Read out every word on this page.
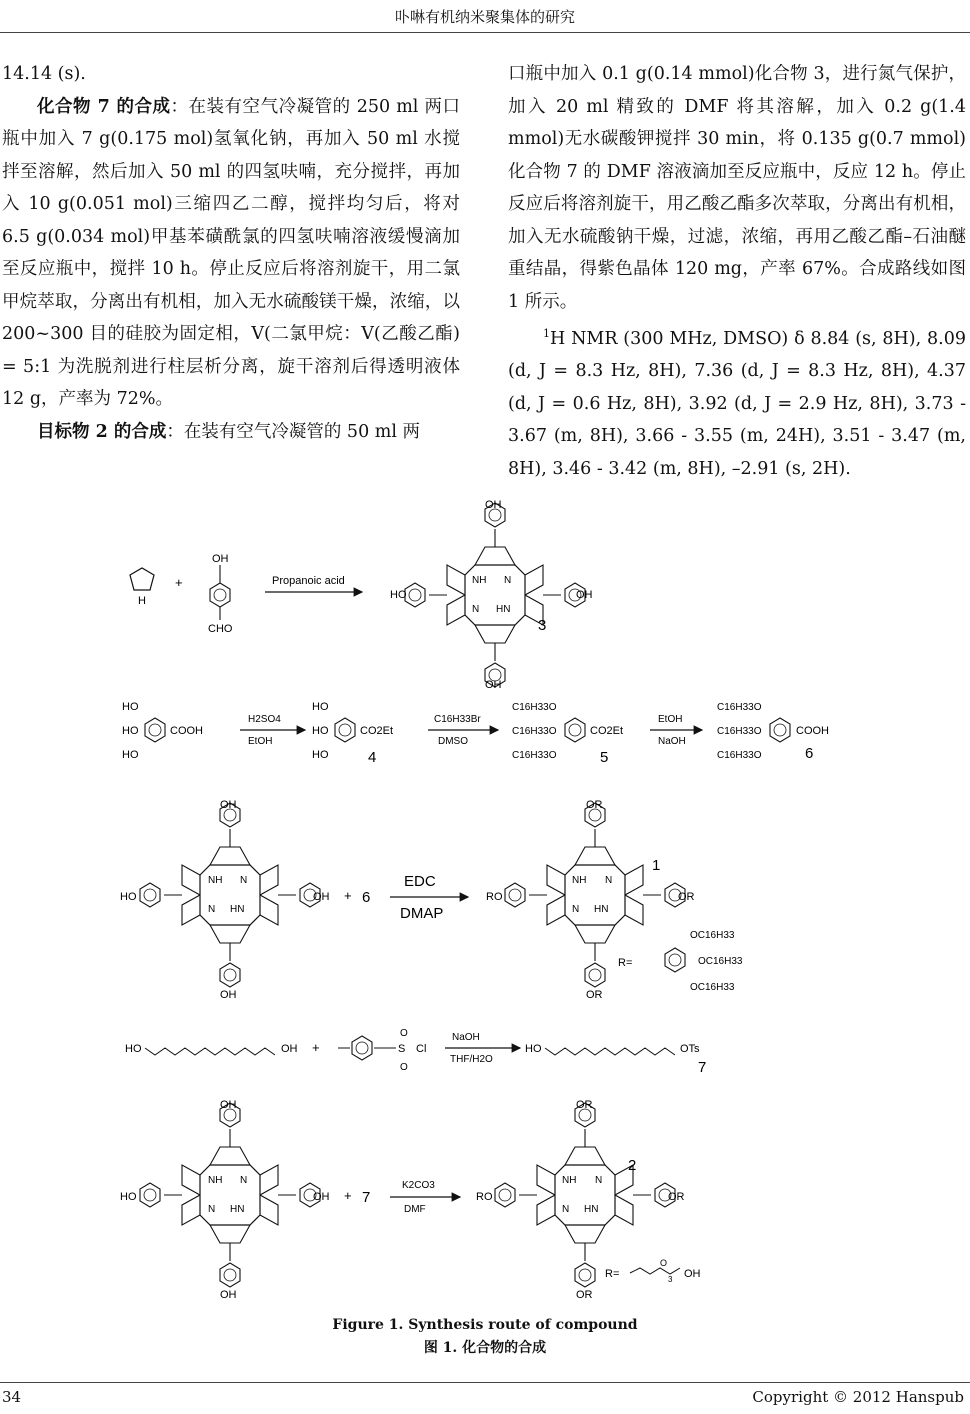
卟啉有机纳米聚集体的研究

14.14 (s).

化合物 7 的合成：在装有空气冷凝管的 250 ml 两口瓶中加入 7 g(0.175 mol)氢氧化钠，再加入 50 ml 水搅拌至溶解，然后加入 50 ml 的四氢呋喃，充分搅拌，再加入 10 g(0.051 mol)三缩四乙二醇，搅拌均匀后，将对 6.5 g(0.034 mol)甲基苯磺酰氯的四氢呋喃溶液缓慢滴加至反应瓶中，搅拌 10 h。停止反应后将溶剂旋干，用二氯甲烷萃取，分离出有机相，加入无水硫酸镁干燥，浓缩，以 200~300 目的硅胶为固定相，V(二氯甲烷：V(乙酸乙酯) = 5:1 为洗脱剂进行柱层析分离，旋干溶剂后得透明液体 12 g，产率为 72%。

目标物 2 的合成：在装有空气冷凝管的 50 ml 两

口瓶中加入 0.1 g(0.14 mmol)化合物 3，进行氮气保护，加入 20 ml 精致的 DMF 将其溶解，加入 0.2 g(1.4 mmol)无水碳酸钾搅拌 30 min，将 0.135 g(0.7 mmol)化合物 7 的 DMF 溶液滴加至反应瓶中，反应 12 h。停止反应后将溶剂旋干，用乙酸乙酯多次萃取，分离出有机相，加入无水硫酸钠干燥，过滤，浓缩，再用乙酸乙酯–石油醚重结晶，得紫色晶体 120 mg，产率 67%。合成路线如图 1 所示。

$^1$H NMR (300 MHz, DMSO) δ 8.84 (s, 8H), 8.09 (d, J = 8.3 Hz, 8H), 7.36 (d, J = 8.3 Hz, 8H), 4.37 (d, J = 0.6 Hz, 8H), 3.92 (d, J = 2.9 Hz, 8H), 3.73 - 3.67 (m, 8H), 3.66 - 3.55 (m, 24H), 3.51 - 3.47 (m, 8H), 3.46 - 3.42 (m, 8H), –2.91 (s, 2H).

H
+
OH
CHO
Propanoic acid
OH
OH
HO	OH
NH N
N HN
3
HO
HO
HO
COOH
H2SO4
EtOH
HO
HO
HO
CO2Et
4
C16H33Br
DMSO
C16H33O
C16H33O
C16H33O
CO2Et
5
EtOH
NaOH
C16H33O
C16H33O
C16H33O
COOH
6
OH
OH
HO	OH
NH N
N HN
+ 6
EDC
DMAP
OR
OR
RO	OR
NH N
N HN
1
R=
OC16H33
OC16H33
OC16H33
HO	OH +	S
O
O
Cl
NaOH
THF/H2O
HO	OTs
7
OH
OH
HO	OH
NH N
N HN
+ 7
K2CO3
DMF
OR
OR
RO	OR
NH N
N HN
2
R=
O
3 OH
Figure 1. Synthesis route of compound
图 1. 化合物的合成
34	Copyright © 2012 Hanspub
